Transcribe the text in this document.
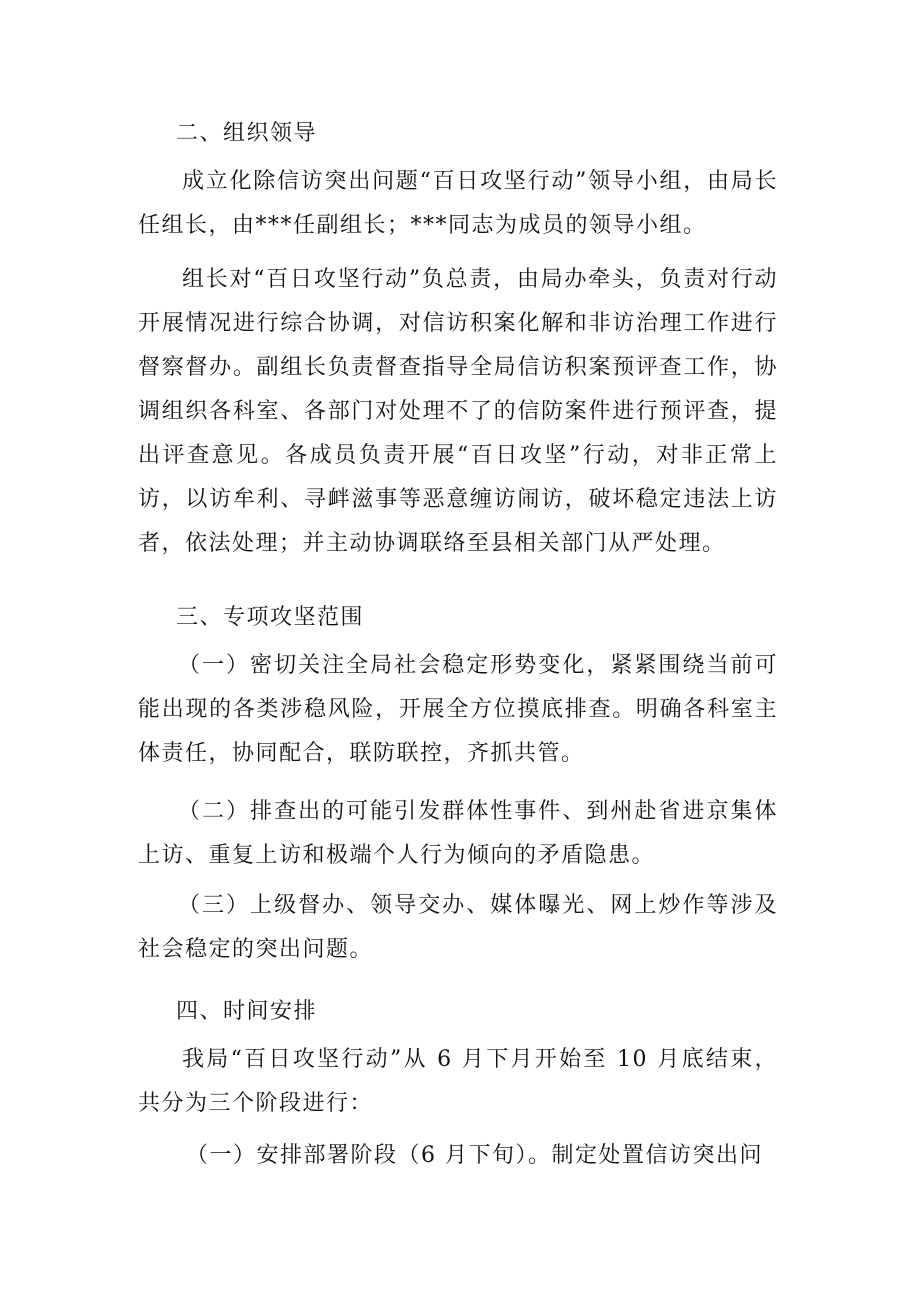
二、组织领导

成立化除信访突出问题“百日攻坚行动”领导小组，由局长任组长，由***任副组长；***同志为成员的领导小组。

组长对“百日攻坚行动”负总责，由局办牵头，负责对行动开展情况进行综合协调，对信访积案化解和非访治理工作进行督察督办。副组长负责督查指导全局信访积案预评查工作，协调组织各科室、各部门对处理不了的信防案件进行预评查，提出评查意见。各成员负责开展“百日攻坚”行动，对非正常上访，以访牟利、寻衅滋事等恶意缠访闹访，破坏稳定违法上访者，依法处理；并主动协调联络至县相关部门从严处理。

三、专项攻坚范围

（一）密切关注全局社会稳定形势变化，紧紧围绕当前可能出现的各类涉稳风险，开展全方位摸底排查。明确各科室主体责任，协同配合，联防联控，齐抓共管。

（二）排查出的可能引发群体性事件、到州赴省进京集体上访、重复上访和极端个人行为倾向的矛盾隐患。

（三）上级督办、领导交办、媒体曝光、网上炒作等涉及社会稳定的突出问题。

四、时间安排

我局“百日攻坚行动”从 6 月下月开始至 10 月底结束，共分为三个阶段进行：

（一）安排部署阶段（6 月下旬）。制定处置信访突出问
